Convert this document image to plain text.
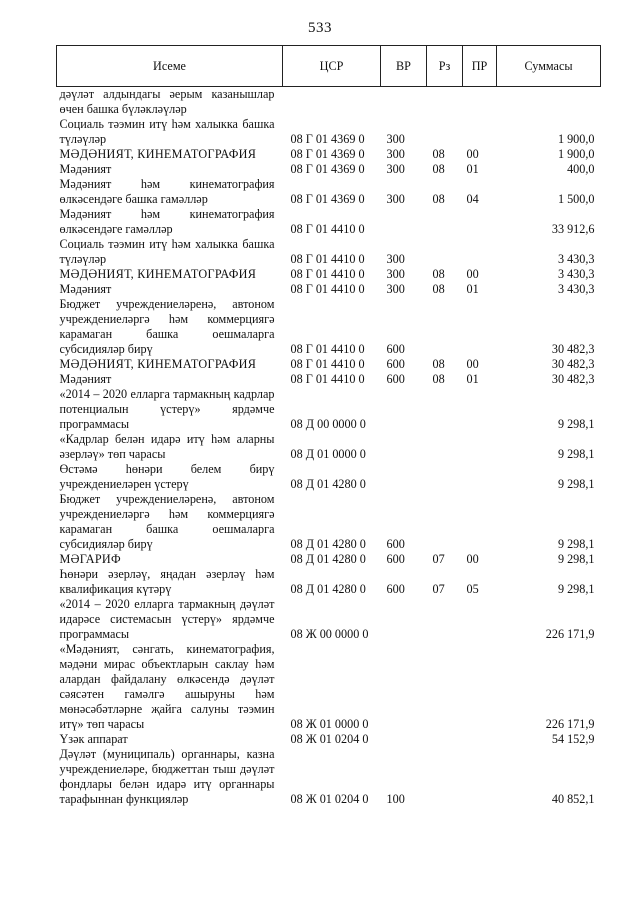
533
Исеме	ЦСР	ВР	Рз	ПР	Суммасы
дәүләт алдындагы әерым казанышлар өчен башка бүләкләүләр					
Социаль тәэмин итү һәм халыкка башка түләүләр	08 Г 01 4369 0	300			1 900,0
МӘДӘНИЯТ, КИНЕМАТОГРАФИЯ	08 Г 01 4369 0	300	08	00	1 900,0
Мәдәният	08 Г 01 4369 0	300	08	01	400,0
Мәдәният һәм кинематография өлкәсендәге башка гамәлләр	08 Г 01 4369 0	300	08	04	1 500,0
Мәдәният һәм кинематография өлкәсендәге гамәлләр	08 Г 01 4410 0				33 912,6
Социаль тәэмин итү һәм халыкка башка түләүләр	08 Г 01 4410 0	300			3 430,3
МӘДӘНИЯТ, КИНЕМАТОГРАФИЯ	08 Г 01 4410 0	300	08	00	3 430,3
Мәдәният	08 Г 01 4410 0	300	08	01	3 430,3
Бюджет учреждениеләренә, автоном учреждениеләргә һәм коммерциягә карамаган башка оешмаларга субсидияләр бирү	08 Г 01 4410 0	600			30 482,3
МӘДӘНИЯТ, КИНЕМАТОГРАФИЯ	08 Г 01 4410 0	600	08	00	30 482,3
Мәдәният	08 Г 01 4410 0	600	08	01	30 482,3
«2014 – 2020 елларга тармакның кадрлар потенциалын үстерү» ярдәмче программасы	08 Д 00 0000 0				9 298,1
«Кадрлар белән идарә итү һәм аларны әзерләү» төп чарасы	08 Д 01 0000 0				9 298,1
Өстәмә һөнәри белем бирү учреждениеләрен үстерү	08 Д 01 4280 0				9 298,1
Бюджет учреждениеләренә, автоном учреждениеләргә һәм коммерциягә карамаган башка оешмаларга субсидияләр бирү	08 Д 01 4280 0	600			9 298,1
МӘГАРИФ	08 Д 01 4280 0	600	07	00	9 298,1
Һөнәри әзерләү, яңадан әзерләү һәм квалификация күтәрү	08 Д 01 4280 0	600	07	05	9 298,1
«2014 – 2020 елларга тармакның дәүләт идарәсе системасын үстерү» ярдәмче программасы	08 Ж 00 0000 0				226 171,9
«Мәдәният, сәнгать, кинематография, мәдәни мирас объектларын саклау һәм алардан файдалану өлкәсендә дәүләт сәясәтен гамәлгә ашыруны һәм мөнәсәбәтләрне җайга салуны тәэмин итү» төп чарасы	08 Ж 01 0000 0				226 171,9
Үзәк аппарат	08 Ж 01 0204 0				54 152,9
Дәүләт (муниципаль) органнары, казна учреждениеләре, бюджеттан тыш дәүләт фондлары белән идарә итү органнары тарафыннан функцияләр	08 Ж 01 0204 0	100			40 852,1
